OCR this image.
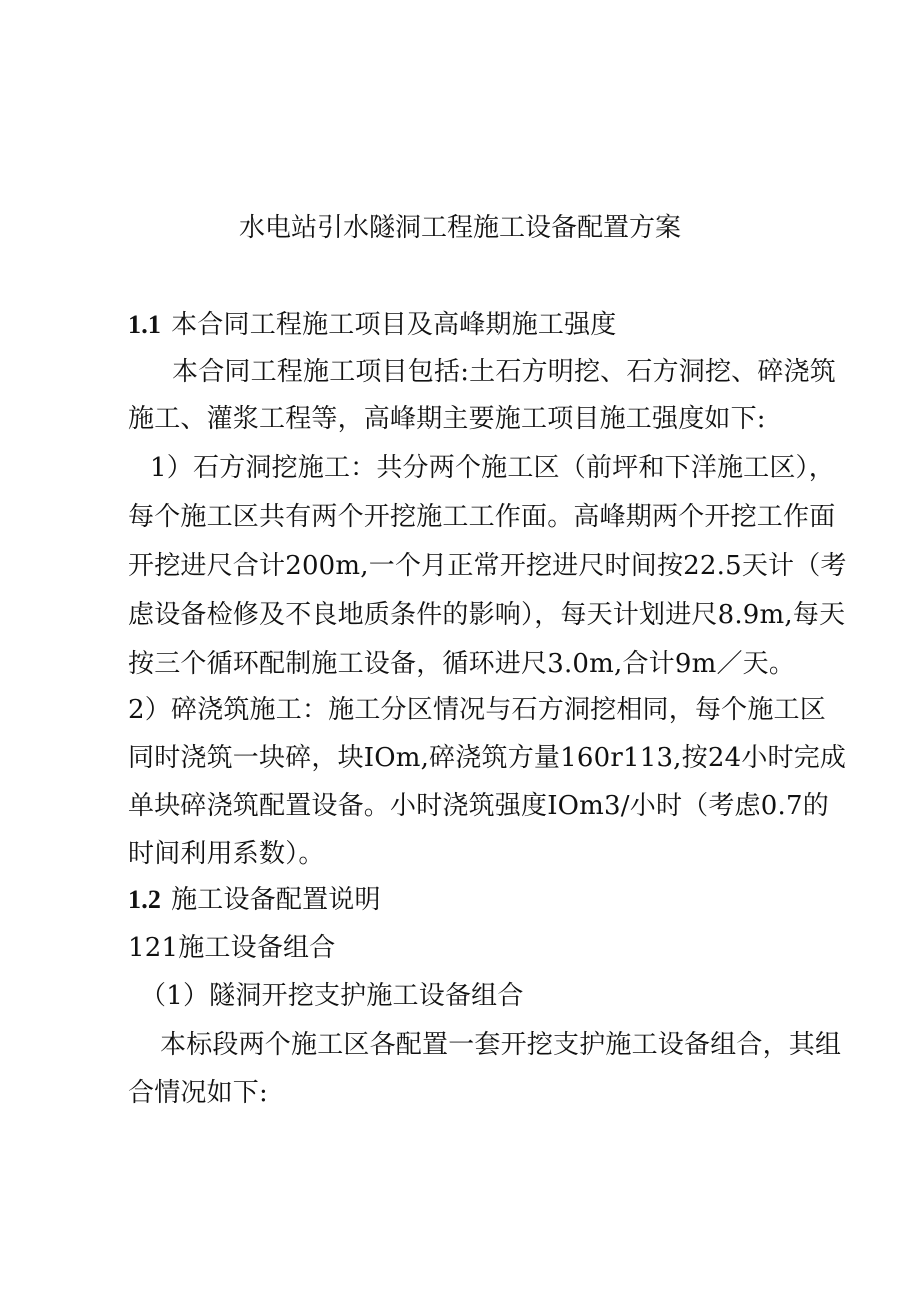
水电站引水隧洞工程施工设备配置方案
1.1 本合同工程施工项目及高峰期施工强度
本合同工程施工项目包括:土石方明挖、石方洞挖、碎浇筑
施工、灌浆工程等，高峰期主要施工项目施工强度如下:
1）石方洞挖施工：共分两个施工区（前坪和下洋施工区），
每个施工区共有两个开挖施工工作面。高峰期两个开挖工作面
开挖进尺合计200m,一个月正常开挖进尺时间按22.5天计（考
虑设备检修及不良地质条件的影响），每天计划进尺8.9m,每天
按三个循环配制施工设备，循环进尺3.0m,合计9m／天。
2）碎浇筑施工：施工分区情况与石方洞挖相同，每个施工区
同时浇筑一块碎，块IOm,碎浇筑方量160r113,按24小时完成
单块碎浇筑配置设备。小时浇筑强度IOm3/小时（考虑0.7的
时间利用系数）。
1.2 施工设备配置说明
121施工设备组合
（1）隧洞开挖支护施工设备组合
本标段两个施工区各配置一套开挖支护施工设备组合，其组
合情况如下:
